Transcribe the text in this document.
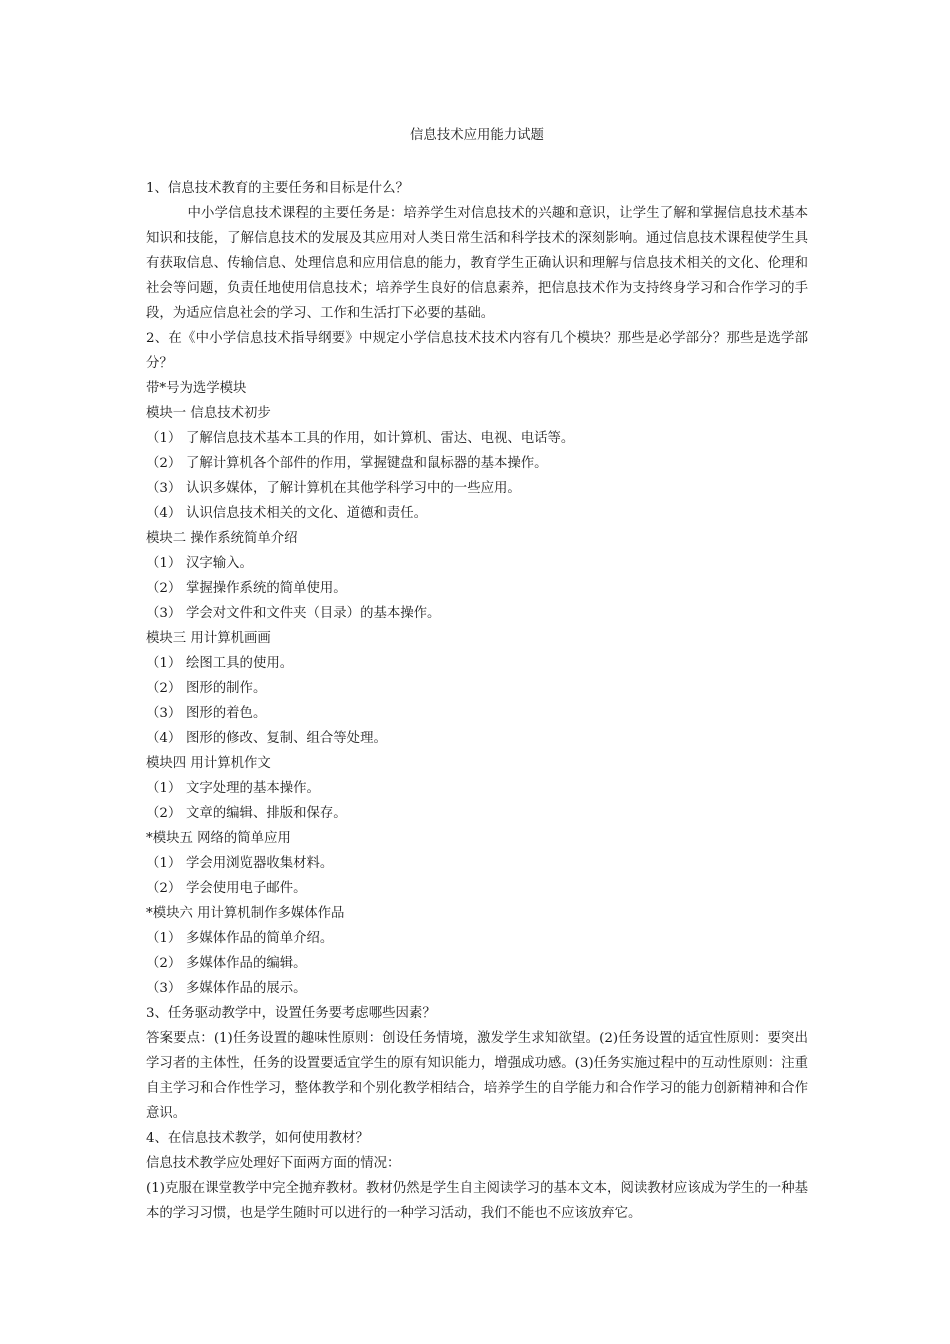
信息技术应用能力试题
1、信息技术教育的主要任务和目标是什么？
中小学信息技术课程的主要任务是：培养学生对信息技术的兴趣和意识，让学生了解和掌握信息技术基本知识和技能，了解信息技术的发展及其应用对人类日常生活和科学技术的深刻影响。通过信息技术课程使学生具有获取信息、传输信息、处理信息和应用信息的能力，教育学生正确认识和理解与信息技术相关的文化、伦理和社会等问题，负责任地使用信息技术；培养学生良好的信息素养，把信息技术作为支持终身学习和合作学习的手段，为适应信息社会的学习、工作和生活打下必要的基础。
2、在《中小学信息技术指导纲要》中规定小学信息技术技术内容有几个模块？那些是必学部分？那些是选学部分？
带*号为选学模块
模块一 信息技术初步
（1） 了解信息技术基本工具的作用，如计算机、雷达、电视、电话等。
（2） 了解计算机各个部件的作用，掌握键盘和鼠标器的基本操作。
（3） 认识多媒体，了解计算机在其他学科学习中的一些应用。
（4） 认识信息技术相关的文化、道德和责任。
模块二 操作系统简单介绍
（1） 汉字输入。
（2） 掌握操作系统的简单使用。
（3） 学会对文件和文件夹（目录）的基本操作。
模块三 用计算机画画
（1） 绘图工具的使用。
（2） 图形的制作。
（3） 图形的着色。
（4） 图形的修改、复制、组合等处理。
模块四 用计算机作文
（1） 文字处理的基本操作。
（2） 文章的编辑、排版和保存。
*模块五 网络的简单应用
（1） 学会用浏览器收集材料。
（2） 学会使用电子邮件。
*模块六 用计算机制作多媒体作品
（1） 多媒体作品的简单介绍。
（2） 多媒体作品的编辑。
（3） 多媒体作品的展示。
3、任务驱动教学中，设置任务要考虑哪些因素？
答案要点：(1)任务设置的趣味性原则：创设任务情境，激发学生求知欲望。(2)任务设置的适宜性原则：要突出学习者的主体性，任务的设置要适宜学生的原有知识能力，增强成功感。(3)任务实施过程中的互动性原则：注重自主学习和合作性学习，整体教学和个别化教学相结合，培养学生的自学能力和合作学习的能力创新精神和合作意识。
4、在信息技术教学，如何使用教材？
信息技术教学应处理好下面两方面的情况：
(1)克服在课堂教学中完全抛弃教材。教材仍然是学生自主阅读学习的基本文本，阅读教材应该成为学生的一种基本的学习习惯，也是学生随时可以进行的一种学习活动，我们不能也不应该放弃它。
